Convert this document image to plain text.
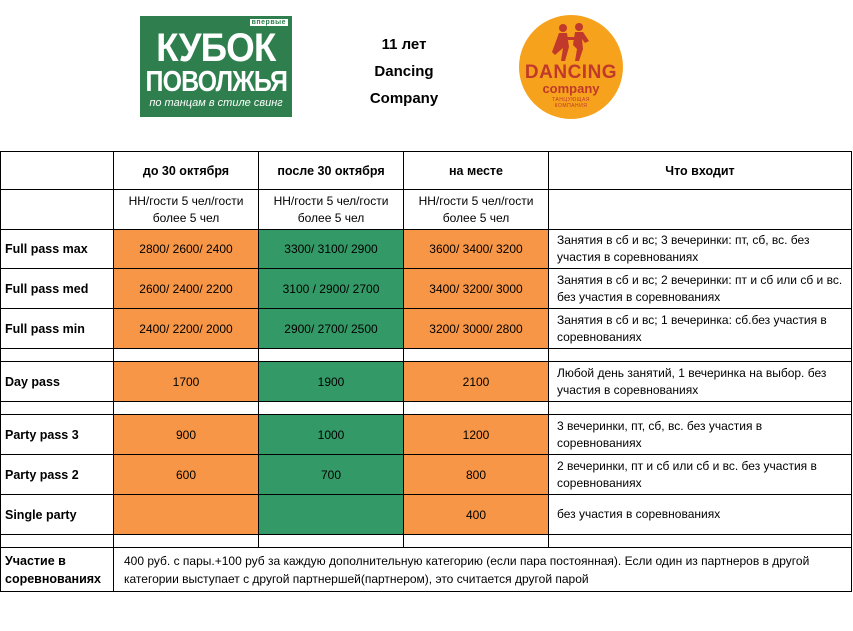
впервые
КУБОК
ПОВОЛЖЬЯ
по танцам в стиле свинг
11 лет
Dancing
Company
DANCING
company
ТАНЦУЮЩАЯ
КОМПАНИЯ
	до 30 октября	после 30 октября	на месте	Что входит
	НН/гости 5 чел/гости более 5 чел	НН/гости 5 чел/гости более 5 чел	НН/гости 5 чел/гости более 5 чел	
Full pass max	2800/ 2600/ 2400	3300/ 3100/ 2900	3600/ 3400/ 3200	Занятия в сб и вс; 3 вечеринки: пт, сб, вс. без участия в соревнованиях
Full pass med	2600/ 2400/ 2200	3100 / 2900/ 2700	3400/ 3200/ 3000	Занятия в сб и вс; 2 вечеринки: пт и сб или сб и вс. без участия в соревнованиях
Full pass min	2400/ 2200/ 2000	2900/ 2700/ 2500	3200/ 3000/ 2800	Занятия в сб и вс; 1 вечеринка: сб.без участия в соревнованиях

Day pass	1700	1900	2100	Любой день занятий, 1 вечеринка на выбор. без участия в соревнованиях

Party pass 3	900	1000	1200	3 вечеринки, пт, сб, вс. без участия в соревнованиях
Party pass 2	600	700	800	2 вечеринки, пт и сб или сб и вс. без участия в соревнованиях
Single party			400	без участия в соревнованиях

Участие в соревнованиях	400 руб. с пары.+100 руб за каждую дополнительную категорию (если пара постоянная). Если один из партнеров в другой категории выступает с другой партнершей(партнером), это считается другой парой			
